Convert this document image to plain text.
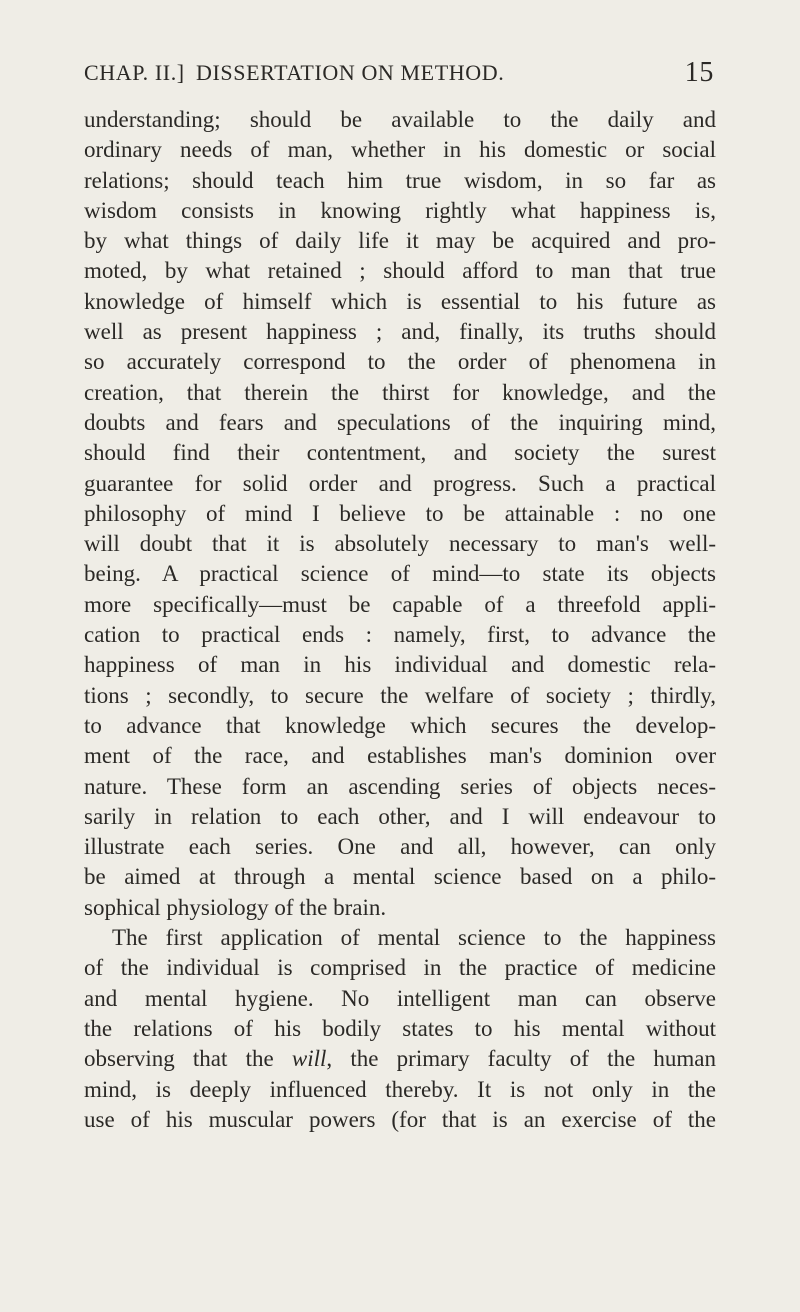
CHAP. II.] DISSERTATION ON METHOD.	15
understanding; should be available to the daily and
ordinary needs of man, whether in his domestic or social
relations; should teach him true wisdom, in so far as
wisdom consists in knowing rightly what happiness is,
by what things of daily life it may be acquired and pro-
moted, by what retained ; should afford to man that true
knowledge of himself which is essential to his future as
well as present happiness ; and, finally, its truths should
so accurately correspond to the order of phenomena in
creation, that therein the thirst for knowledge, and the
doubts and fears and speculations of the inquiring mind,
should find their contentment, and society the surest
guarantee for solid order and progress. Such a practical
philosophy of mind I believe to be attainable : no one
will doubt that it is absolutely necessary to man's well-
being. A practical science of mind—to state its objects
more specifically—must be capable of a threefold appli-
cation to practical ends : namely, first, to advance the
happiness of man in his individual and domestic rela-
tions ; secondly, to secure the welfare of society ; thirdly,
to advance that knowledge which secures the develop-
ment of the race, and establishes man's dominion over
nature. These form an ascending series of objects neces-
sarily in relation to each other, and I will endeavour to
illustrate each series. One and all, however, can only
be aimed at through a mental science based on a philo-
sophical physiology of the brain.
The first application of mental science to the happiness
of the individual is comprised in the practice of medicine
and mental hygiene. No intelligent man can observe
the relations of his bodily states to his mental without
observing that the will, the primary faculty of the human
mind, is deeply influenced thereby. It is not only in the
use of his muscular powers (for that is an exercise of the
